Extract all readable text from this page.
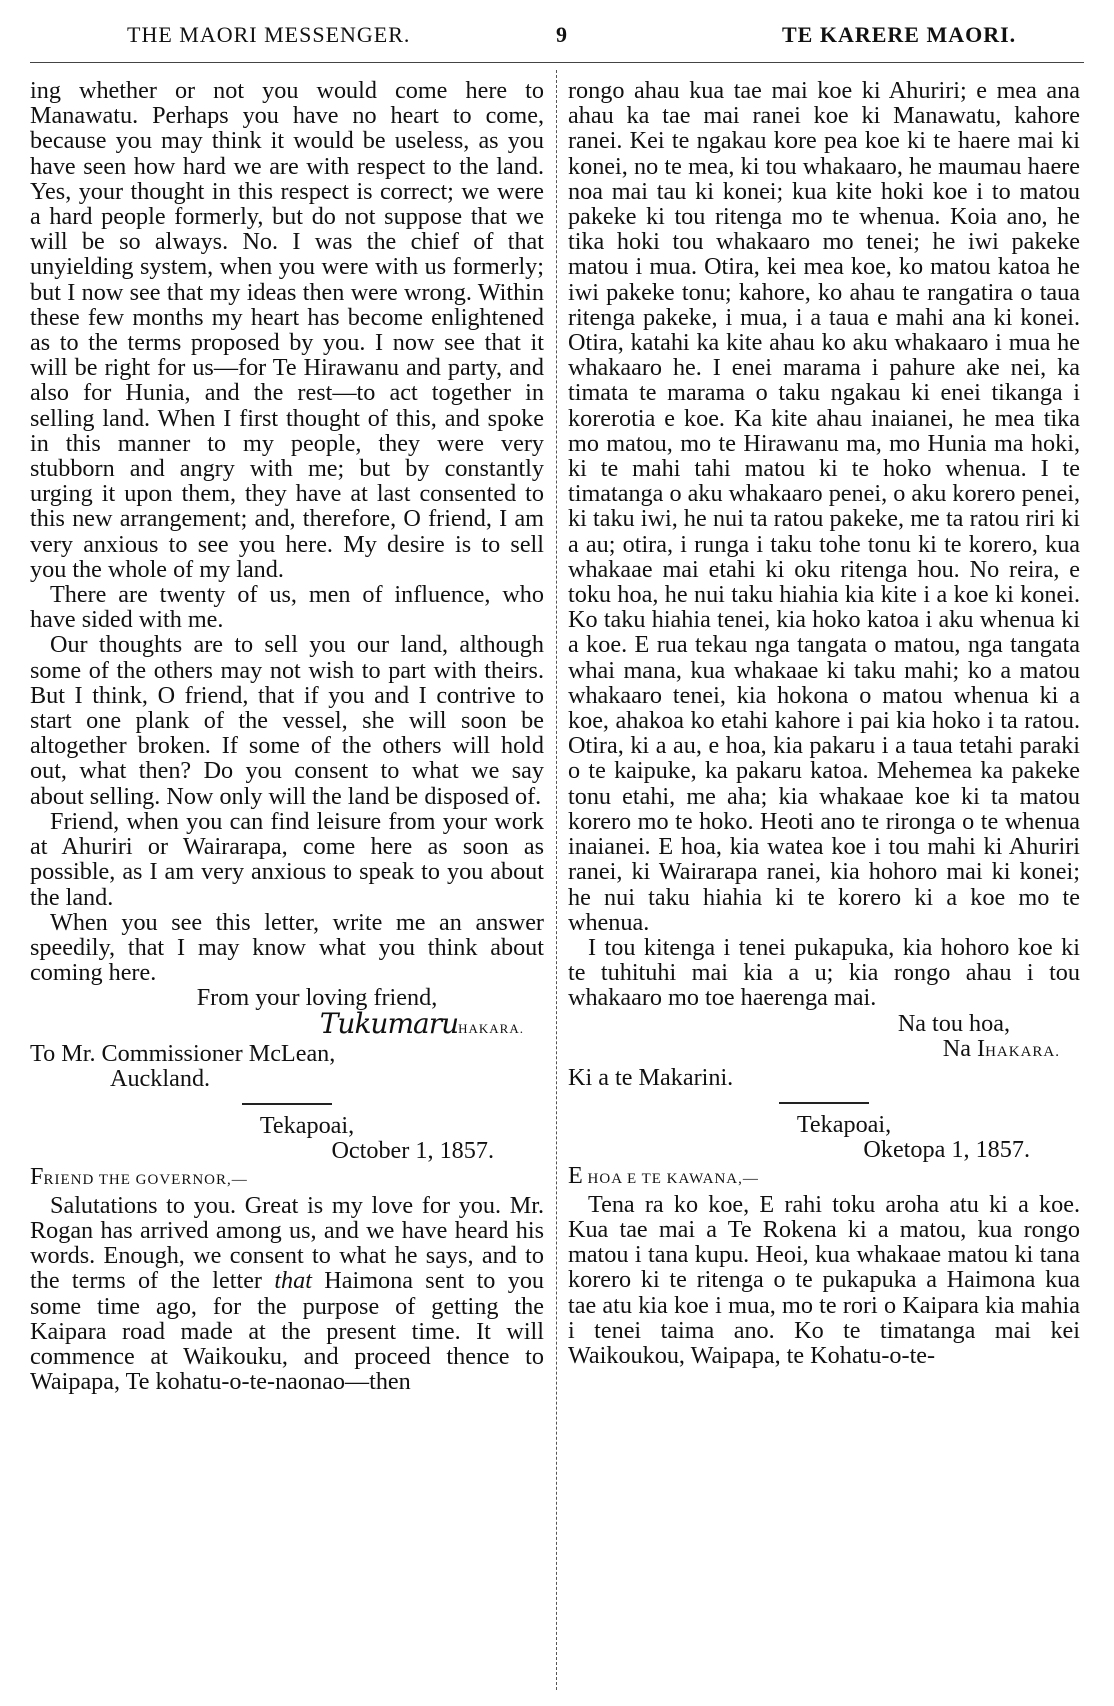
THE MAORI MESSENGER.	9	TE KARERE MAORI.

ing whether or not you would come here to Manawatu. Perhaps you have no heart to come, because you may think it would be useless, as you have seen how hard we are with respect to the land. Yes, your thought in this respect is correct; we were a hard people formerly, but do not suppose that we will be so always. No. I was the chief of that unyielding system, when you were with us formerly; but I now see that my ideas then were wrong. Within these few months my heart has become enlightened as to the terms proposed by you. I now see that it will be right for us—for Te Hirawanu and party, and also for Hunia, and the rest—to act together in selling land. When I first thought of this, and spoke in this manner to my people, they were very stubborn and angry with me; but by constantly urging it upon them, they have at last consented to this new arrangement; and, therefore, O friend, I am very anxious to see you here. My desire is to sell you the whole of my land.

There are twenty of us, men of influence, who have sided with me.

Our thoughts are to sell you our land, although some of the others may not wish to part with theirs. But I think, O friend, that if you and I contrive to start one plank of the vessel, she will soon be altogether broken. If some of the others will hold out, what then? Do you consent to what we say about selling. Now only will the land be disposed of.

Friend, when you can find leisure from your work at Ahuriri or Wairarapa, come here as soon as possible, as I am very anxious to speak to you about the land.

When you see this letter, write me an answer speedily, that I may know what you think about coming here.

From your loving friend,

TukumaruHAKARA.

To Mr. Commissioner McLean,

Auckland.

Tekapoai,

October 1, 1857.

FRIEND THE GOVERNOR,—

Salutations to you. Great is my love for you. Mr. Rogan has arrived among us, and we have heard his words. Enough, we consent to what he says, and to the terms of the letter that Haimona sent to you some time ago, for the purpose of getting the Kaipara road made at the present time. It will commence at Waikouku, and proceed thence to Waipapa, Te kohatu-o-te-naonao—then

rongo ahau kua tae mai koe ki Ahuriri; e mea ana ahau ka tae mai ranei koe ki Manawatu, kahore ranei. Kei te ngakau kore pea koe ki te haere mai ki konei, no te mea, ki tou whakaaro, he maumau haere noa mai tau ki konei; kua kite hoki koe i to matou pakeke ki tou ritenga mo te whenua. Koia ano, he tika hoki tou whakaaro mo tenei; he iwi pakeke matou i mua. Otira, kei mea koe, ko matou katoa he iwi pakeke tonu; kahore, ko ahau te rangatira o taua ritenga pakeke, i mua, i a taua e mahi ana ki konei. Otira, katahi ka kite ahau ko aku whakaaro i mua he whakaaro he. I enei marama i pahure ake nei, ka timata te marama o taku ngakau ki enei tikanga i korerotia e koe. Ka kite ahau inaianei, he mea tika mo matou, mo te Hirawanu ma, mo Hunia ma hoki, ki te mahi tahi matou ki te hoko whenua. I te timatanga o aku whakaaro penei, o aku korero penei, ki taku iwi, he nui ta ratou pakeke, me ta ratou riri ki a au; otira, i runga i taku tohe tonu ki te korero, kua whakaae mai etahi ki oku ritenga hou. No reira, e toku hoa, he nui taku hiahia kia kite i a koe ki konei. Ko taku hiahia tenei, kia hoko katoa i aku whenua ki a koe. E rua tekau nga tangata o matou, nga tangata whai mana, kua whakaae ki taku mahi; ko a matou whakaaro tenei, kia hokona o matou whenua ki a koe, ahakoa ko etahi kahore i pai kia hoko i ta ratou. Otira, ki a au, e hoa, kia pakaru i a taua tetahi paraki o te kaipuke, ka pakaru katoa. Mehemea ka pakeke tonu etahi, me aha; kia whakaae koe ki ta matou korero mo te hoko. Heoti ano te rironga o te whenua inaianei. E hoa, kia watea koe i tou mahi ki Ahuriri ranei, ki Wairarapa ranei, kia hohoro mai ki konei; he nui taku hiahia ki te korero ki a koe mo te whenua.

I tou kitenga i tenei pukapuka, kia hohoro koe ki te tuhituhi mai kia a u; kia rongo ahau i tou whakaaro mo toe haerenga mai.

Na tou hoa,

Na IHAKARA.

Ki a te Makarini.

Tekapoai,

Oketopa 1, 1857.

E HOA E TE KAWANA,—

Tena ra ko koe, E rahi toku aroha atu ki a koe. Kua tae mai a Te Rokena ki a matou, kua rongo matou i tana kupu. Heoi, kua whakaae matou ki tana korero ki te ritenga o te pukapuka a Haimona kua tae atu kia koe i mua, mo te rori o Kaipara kia mahia i tenei taima ano. Ko te timatanga mai kei Waikoukou, Waipapa, te Kohatu-o-te-
